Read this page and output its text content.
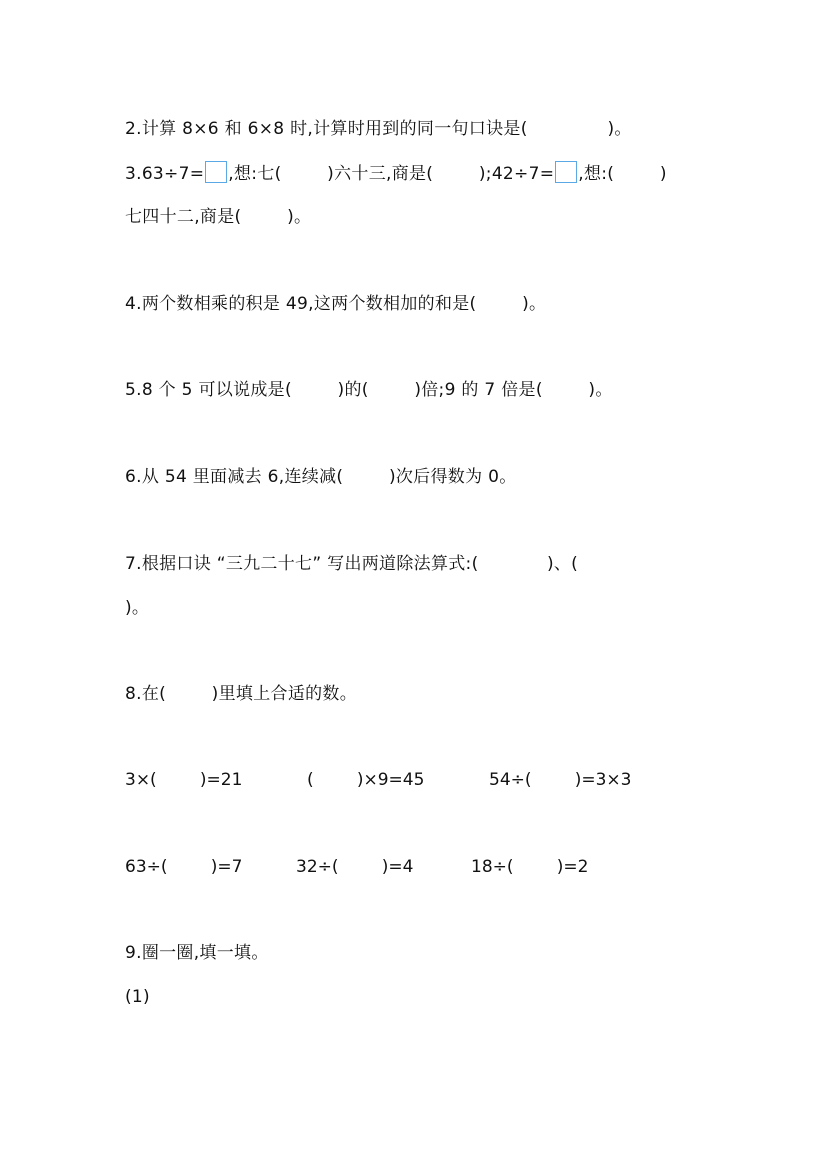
2.计算 8×6 和 6×8 时,计算时用到的同一句口诀是(              )。
3.63÷7= ,想:七(        )六十三,商是(        );42÷7= ,想:(        )
七四十二,商是(        )。
4.两个数相乘的积是 49,这两个数相加的和是(        )。
5.8 个 5 可以说成是(        )的(        )倍;9 的 7 倍是(        )。
6.从 54 里面减去 6,连续减(        )次后得数为 0。
7.根据口诀 “三九二十七” 写出两道除法算式:(            )、(
)。
8.在(        )里填上合适的数。
3×(        )=21	(        )×9=45	54÷(        )=3×3
63÷(        )=7	32÷(        )=4	18÷(        )=2
9.圈一圈,填一填。
(1)
